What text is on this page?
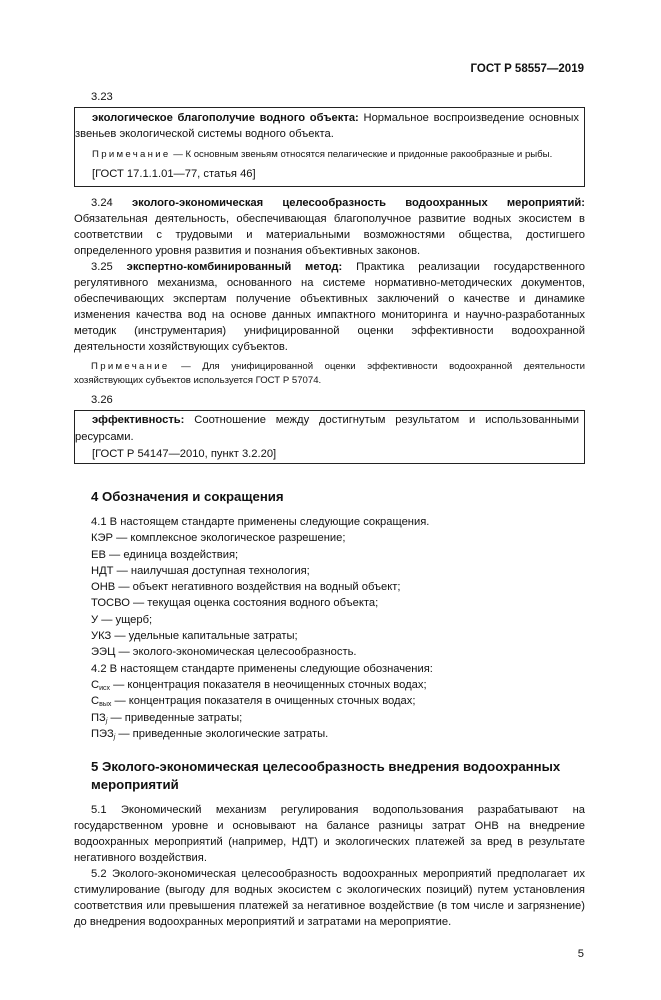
ГОСТ Р 58557—2019
3.23

экологическое благополучие водного объекта: Нормальное воспроизведение основных звеньев экологической системы водного объекта.

Примечание — К основным звеньям относятся пелагические и придонные ракообразные и рыбы.
[ГОСТ 17.1.1.01—77, статья 46]

3.24 эколого-экономическая целесообразность водоохранных мероприятий: Обязательная деятельность, обеспечивающая благополучное развитие водных экосистем в соответствии с трудовыми и материальными возможностями общества, достигшего определенного уровня развития и познания объективных законов.

3.25 экспертно-комбинированный метод: Практика реализации государственного регулятивного механизма, основанного на системе нормативно-методических документов, обеспечивающих экспертам получение объективных заключений о качестве и динамике изменения качества вод на основе данных импактного мониторинга и научно-разработанных методик (инструментария) унифицированной оценки эффективности водоохранной деятельности хозяйствующих субъектов.

Примечание — Для унифицированной оценки эффективности водоохранной деятельности хозяйствующих субъектов используется ГОСТ Р 57074.
3.26

эффективность: Соотношение между достигнутым результатом и использованными ресурсами.

[ГОСТ Р 54147—2010, пункт 3.2.20]
4 Обозначения и сокращения
4.1 В настоящем стандарте применены следующие сокращения.
КЭР — комплексное экологическое разрешение;
ЕВ — единица воздействия;
НДТ — наилучшая доступная технология;
ОНВ — объект негативного воздействия на водный объект;
ТОСВО — текущая оценка состояния водного объекта;
У — ущерб;
УКЗ — удельные капитальные затраты;
ЭЭЦ — эколого-экономическая целесообразность.
4.2 В настоящем стандарте применены следующие обозначения:
$С_{исх}$ — концентрация показателя в неочищенных сточных водах;
$С_{вых}$ — концентрация показателя в очищенных сточных водах;
$ПЗ_j$ — приведенные затраты;
$ПЭЗ_j$ — приведенные экологические затраты.
5 Эколого-экономическая целесообразность внедрения водоохранных мероприятий

5.1 Экономический механизм регулирования водопользования разрабатывают на государственном уровне и основывают на балансе разницы затрат ОНВ на внедрение водоохранных мероприятий (например, НДТ) и экологических платежей за вред в результате негативного воздействия.

5.2 Эколого-экономическая целесообразность водоохранных мероприятий предполагает их стимулирование (выгоду для водных экосистем с экологических позиций) путем установления соответствия или превышения платежей за негативное воздействие (в том числе и загрязнение) до внедрения водоохранных мероприятий и затратами на мероприятие.

5
